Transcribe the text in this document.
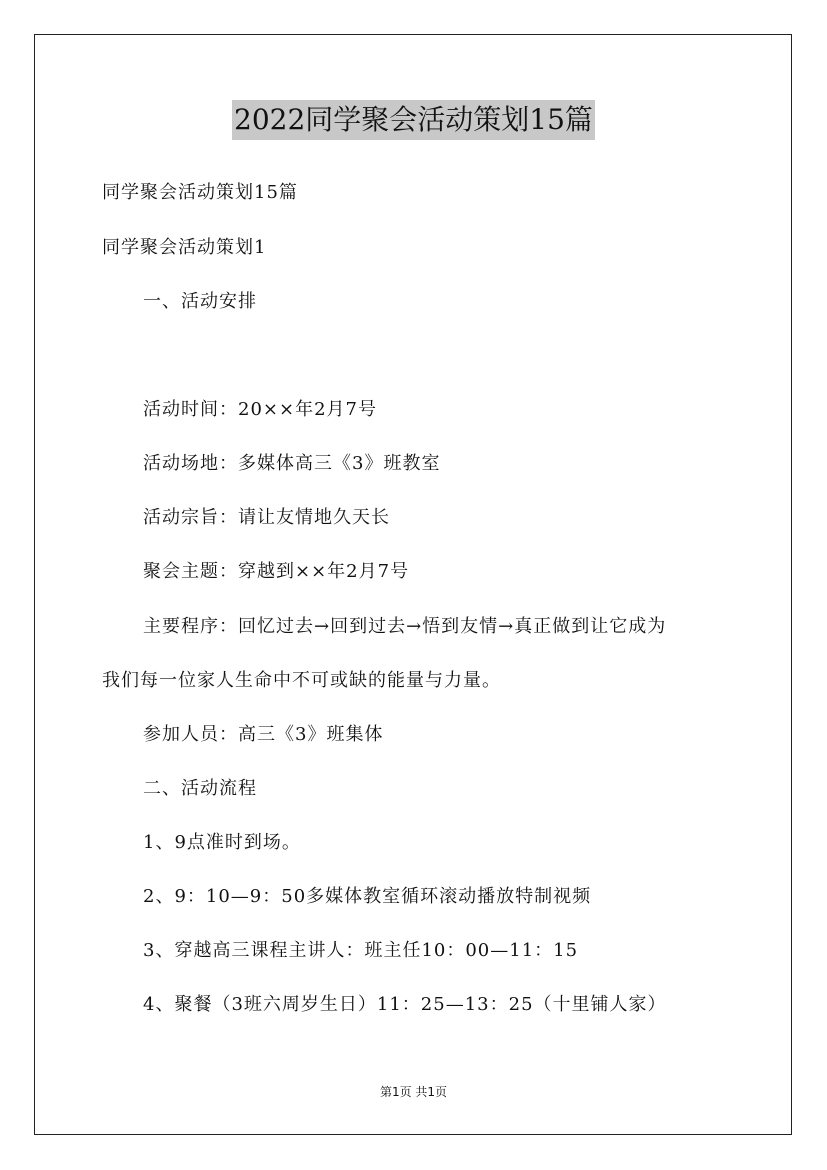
2022同学聚会活动策划15篇
同学聚会活动策划15篇
同学聚会活动策划1
一、活动安排
活动时间：20××年2月7号
活动场地：多媒体高三《3》班教室
活动宗旨：请让友情地久天长
聚会主题：穿越到××年2月7号
主要程序：回忆过去→回到过去→悟到友情→真正做到让它成为
我们每一位家人生命中不可或缺的能量与力量。
参加人员：高三《3》班集体
二、活动流程
1、9点准时到场。
2、9：10—9：50多媒体教室循环滚动播放特制视频
3、穿越高三课程主讲人：班主任10：00—11：15
4、聚餐（3班六周岁生日）11：25—13：25（十里铺人家）
第1页 共1页
